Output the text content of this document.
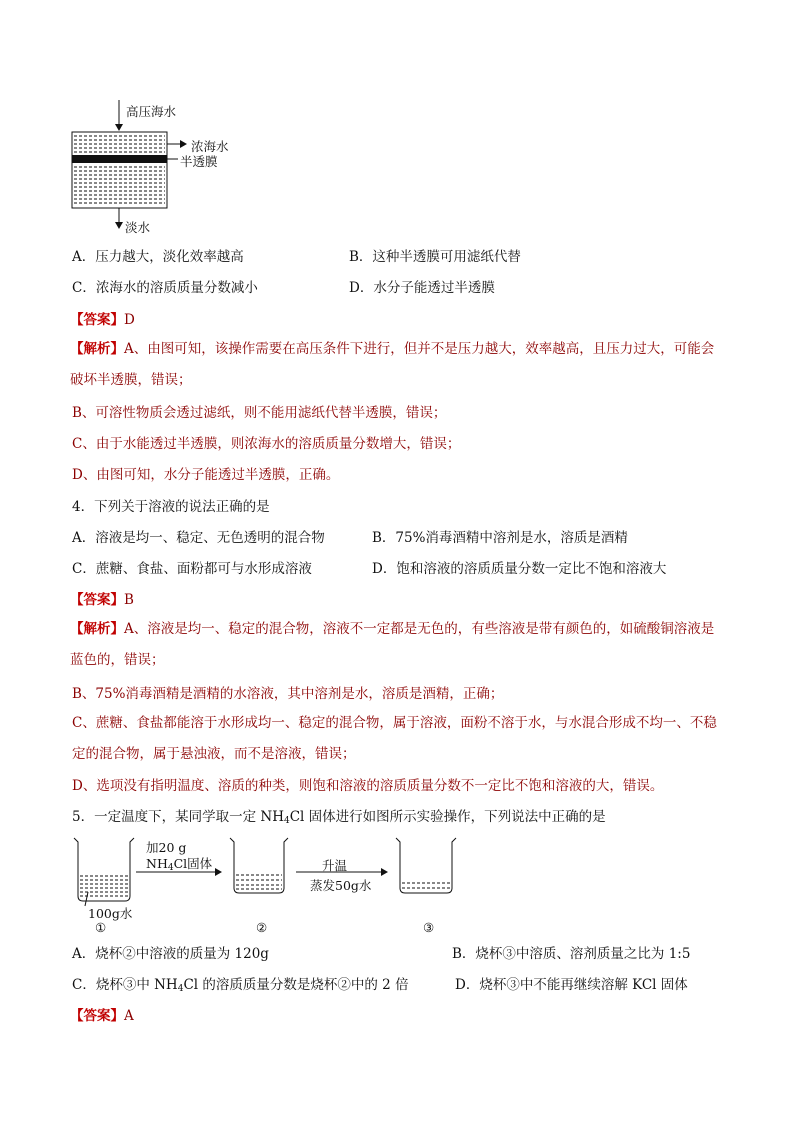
高压海水
浓海水
半透膜
淡水
A．压力越大，淡化效率越高	B．这种半透膜可用滤纸代替
C．浓海水的溶质质量分数减小	D．水分子能透过半透膜
【答案】D
【解析】A、由图可知，该操作需要在高压条件下进行，但并不是压力越大，效率越高，且压力过大，可能会破坏半透膜，错误；
B、可溶性物质会透过滤纸，则不能用滤纸代替半透膜，错误；
C、由于水能透过半透膜，则浓海水的溶质质量分数增大，错误；
D、由图可知，水分子能透过半透膜，正确。
4．下列关于溶液的说法正确的是
A．溶液是均一、稳定、无色透明的混合物	B．75%消毒酒精中溶剂是水，溶质是酒精
C．蔗糖、食盐、面粉都可与水形成溶液	D．饱和溶液的溶质质量分数一定比不饱和溶液大
【答案】B
【解析】A、溶液是均一、稳定的混合物，溶液不一定都是无色的，有些溶液是带有颜色的，如硫酸铜溶液是蓝色的，错误；
B、75%消毒酒精是酒精的水溶液，其中溶剂是水，溶质是酒精，正确；
C、蔗糖、食盐都能溶于水形成均一、稳定的混合物，属于溶液，面粉不溶于水，与水混合形成不均一、不稳定的混合物，属于悬浊液，而不是溶液，错误；
D、选项没有指明温度、溶质的种类，则饱和溶液的溶质质量分数不一定比不饱和溶液的大，错误。
5．一定温度下，某同学取一定 $NH_4Cl$ 固体进行如图所示实验操作，下列说法中正确的是
加20 g
$NH_4Cl$固体	升温
蒸发50g水
100g水
①	②	③
A．烧杯②中溶液的质量为 120g	B．烧杯③中溶质、溶剂质量之比为 1:5
C．烧杯③中 $NH_4Cl$ 的溶质质量分数是烧杯②中的 2 倍	D．烧杯③中不能再继续溶解 KCl 固体
【答案】A
